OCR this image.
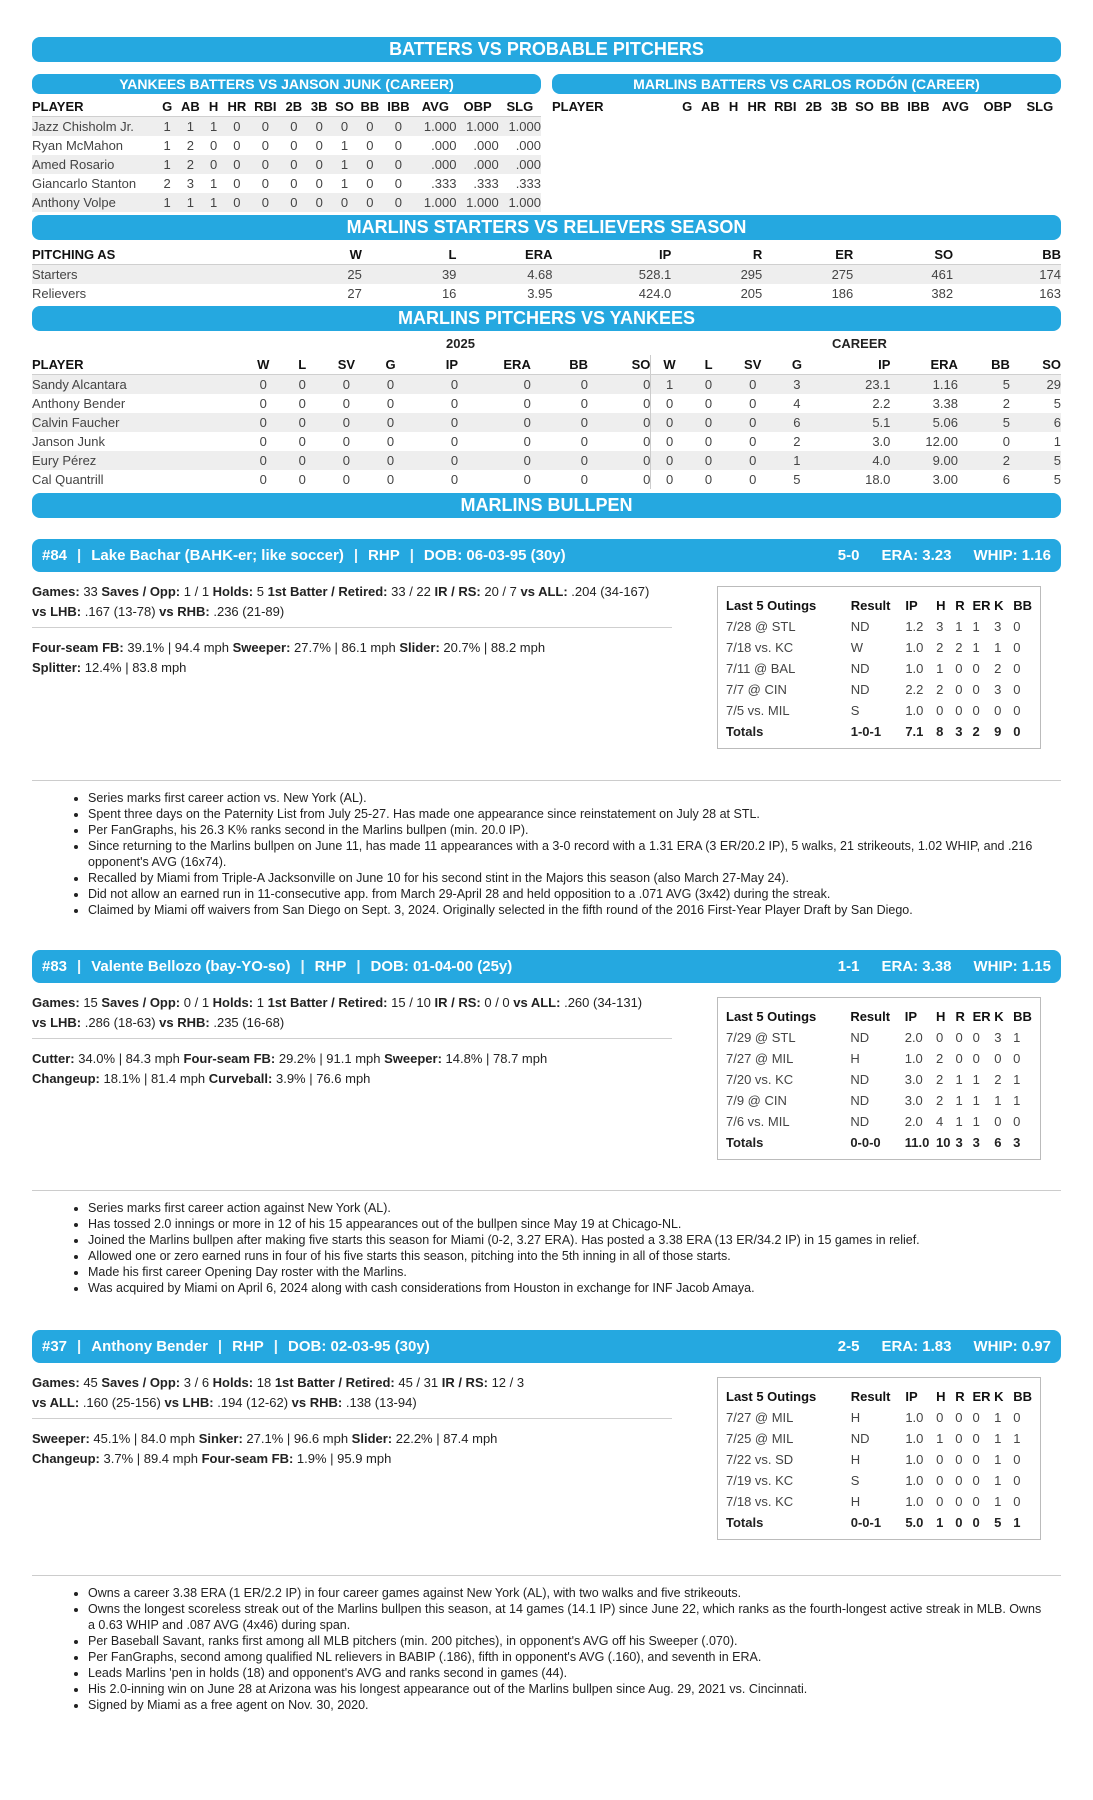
BATTERS VS PROBABLE PITCHERS
YANKEES BATTERS VS JANSON JUNK (CAREER)
PLAYER	G	AB	H	HR	RBI	2B	3B	SO	BB	IBB	AVG	OBP	SLG
Jazz Chisholm Jr.	1	1	1	0	0	0	0	0	0	0	1.000	1.000	1.000
Ryan McMahon	1	2	0	0	0	0	0	1	0	0	.000	.000	.000
Amed Rosario	1	2	0	0	0	0	0	1	0	0	.000	.000	.000
Giancarlo Stanton	2	3	1	0	0	0	0	1	0	0	.333	.333	.333
Anthony Volpe	1	1	1	0	0	0	0	0	0	0	1.000	1.000	1.000
MARLINS BATTERS VS CARLOS RODÓN (CAREER)
PLAYER	G	AB	H	HR	RBI	2B	3B	SO	BB	IBB	AVG	OBP	SLG
MARLINS STARTERS VS RELIEVERS SEASON
PITCHING AS	W	L	ERA	IP	R	ER	SO	BB
Starters	25	39	4.68	528.1	295	275	461	174
Relievers	27	16	3.95	424.0	205	186	382	163
MARLINS PITCHERS VS YANKEES
2025	CAREER
PLAYER	W	L	SV	G	IP	ERA	BB	SO	W	L	SV	G	IP	ERA	BB	SO
Sandy Alcantara	0	0	0	0	0	0	0	0	1	0	0	3	23.1	1.16	5	29
Anthony Bender	0	0	0	0	0	0	0	0	0	0	0	4	2.2	3.38	2	5
Calvin Faucher	0	0	0	0	0	0	0	0	0	0	0	6	5.1	5.06	5	6
Janson Junk	0	0	0	0	0	0	0	0	0	0	0	2	3.0	12.00	0	1
Eury Pérez	0	0	0	0	0	0	0	0	0	0	0	1	4.0	9.00	2	5
Cal Quantrill	0	0	0	0	0	0	0	0	0	0	0	5	18.0	3.00	6	5
MARLINS BULLPEN
#84 | Lake Bachar (BAHK-er; like soccer) | RHP | DOB: 06-03-95 (30y)	5-0 ERA: 3.23 WHIP: 1.16
Games: 33 Saves / Opp: 1 / 1 Holds: 5 1st Batter / Retired: 33 / 22 IR / RS: 20 / 7 vs ALL: .204 (34-167)
vs LHB: .167 (13-78) vs RHB: .236 (21-89)
Four-seam FB: 39.1% | 94.4 mph Sweeper: 27.7% | 86.1 mph Slider: 20.7% | 88.2 mph
Splitter: 12.4% | 83.8 mph
Last 5 Outings	Result	IP	H	R	ER	K	BB
7/28 @ STL	ND	1.2	3	1	1	3	0
7/18 vs. KC	W	1.0	2	2	1	1	0
7/11 @ BAL	ND	1.0	1	0	0	2	0
7/7 @ CIN	ND	2.2	2	0	0	3	0
7/5 vs. MIL	S	1.0	0	0	0	0	0
Totals	1-0-1	7.1	8	3	2	9	0
• Series marks first career action vs. New York (AL).
• Spent three days on the Paternity List from July 25-27. Has made one appearance since reinstatement on July 28 at STL.
• Per FanGraphs, his 26.3 K% ranks second in the Marlins bullpen (min. 20.0 IP).
• Since returning to the Marlins bullpen on June 11, has made 11 appearances with a 3-0 record with a 1.31 ERA (3 ER/20.2 IP), 5 walks, 21 strikeouts, 1.02 WHIP, and .216 opponent's AVG (16x74).
• Recalled by Miami from Triple-A Jacksonville on June 10 for his second stint in the Majors this season (also March 27-May 24).
• Did not allow an earned run in 11-consecutive app. from March 29-April 28 and held opposition to a .071 AVG (3x42) during the streak.
• Claimed by Miami off waivers from San Diego on Sept. 3, 2024. Originally selected in the fifth round of the 2016 First-Year Player Draft by San Diego.
#83 | Valente Bellozo (bay-YO-so) | RHP | DOB: 01-04-00 (25y)	1-1 ERA: 3.38 WHIP: 1.15
Games: 15 Saves / Opp: 0 / 1 Holds: 1 1st Batter / Retired: 15 / 10 IR / RS: 0 / 0 vs ALL: .260 (34-131)
vs LHB: .286 (18-63) vs RHB: .235 (16-68)
Cutter: 34.0% | 84.3 mph Four-seam FB: 29.2% | 91.1 mph Sweeper: 14.8% | 78.7 mph
Changeup: 18.1% | 81.4 mph Curveball: 3.9% | 76.6 mph
Last 5 Outings	Result	IP	H	R	ER	K	BB
7/29 @ STL	ND	2.0	0	0	0	3	1
7/27 @ MIL	H	1.0	2	0	0	0	0
7/20 vs. KC	ND	3.0	2	1	1	2	1
7/9 @ CIN	ND	3.0	2	1	1	1	1
7/6 vs. MIL	ND	2.0	4	1	1	0	0
Totals	0-0-0	11.0	10	3	3	6	3
• Series marks first career action against New York (AL).
• Has tossed 2.0 innings or more in 12 of his 15 appearances out of the bullpen since May 19 at Chicago-NL.
• Joined the Marlins bullpen after making five starts this season for Miami (0-2, 3.27 ERA). Has posted a 3.38 ERA (13 ER/34.2 IP) in 15 games in relief.
• Allowed one or zero earned runs in four of his five starts this season, pitching into the 5th inning in all of those starts.
• Made his first career Opening Day roster with the Marlins.
• Was acquired by Miami on April 6, 2024 along with cash considerations from Houston in exchange for INF Jacob Amaya.
#37 | Anthony Bender | RHP | DOB: 02-03-95 (30y)	2-5 ERA: 1.83 WHIP: 0.97
Games: 45 Saves / Opp: 3 / 6 Holds: 18 1st Batter / Retired: 45 / 31 IR / RS: 12 / 3
vs ALL: .160 (25-156) vs LHB: .194 (12-62) vs RHB: .138 (13-94)
Sweeper: 45.1% | 84.0 mph Sinker: 27.1% | 96.6 mph Slider: 22.2% | 87.4 mph
Changeup: 3.7% | 89.4 mph Four-seam FB: 1.9% | 95.9 mph
Last 5 Outings	Result	IP	H	R	ER	K	BB
7/27 @ MIL	H	1.0	0	0	0	1	0
7/25 @ MIL	ND	1.0	1	0	0	1	1
7/22 vs. SD	H	1.0	0	0	0	1	0
7/19 vs. KC	S	1.0	0	0	0	1	0
7/18 vs. KC	H	1.0	0	0	0	1	0
Totals	0-0-1	5.0	1	0	0	5	1
• Owns a career 3.38 ERA (1 ER/2.2 IP) in four career games against New York (AL), with two walks and five strikeouts.
• Owns the longest scoreless streak out of the Marlins bullpen this season, at 14 games (14.1 IP) since June 22, which ranks as the fourth-longest active streak in MLB. Owns a 0.63 WHIP and .087 AVG (4x46) during span.
• Per Baseball Savant, ranks first among all MLB pitchers (min. 200 pitches), in opponent's AVG off his Sweeper (.070).
• Per FanGraphs, second among qualified NL relievers in BABIP (.186), fifth in opponent's AVG (.160), and seventh in ERA.
• Leads Marlins 'pen in holds (18) and opponent's AVG and ranks second in games (44).
• His 2.0-inning win on June 28 at Arizona was his longest appearance out of the Marlins bullpen since Aug. 29, 2021 vs. Cincinnati.
• Signed by Miami as a free agent on Nov. 30, 2020.
